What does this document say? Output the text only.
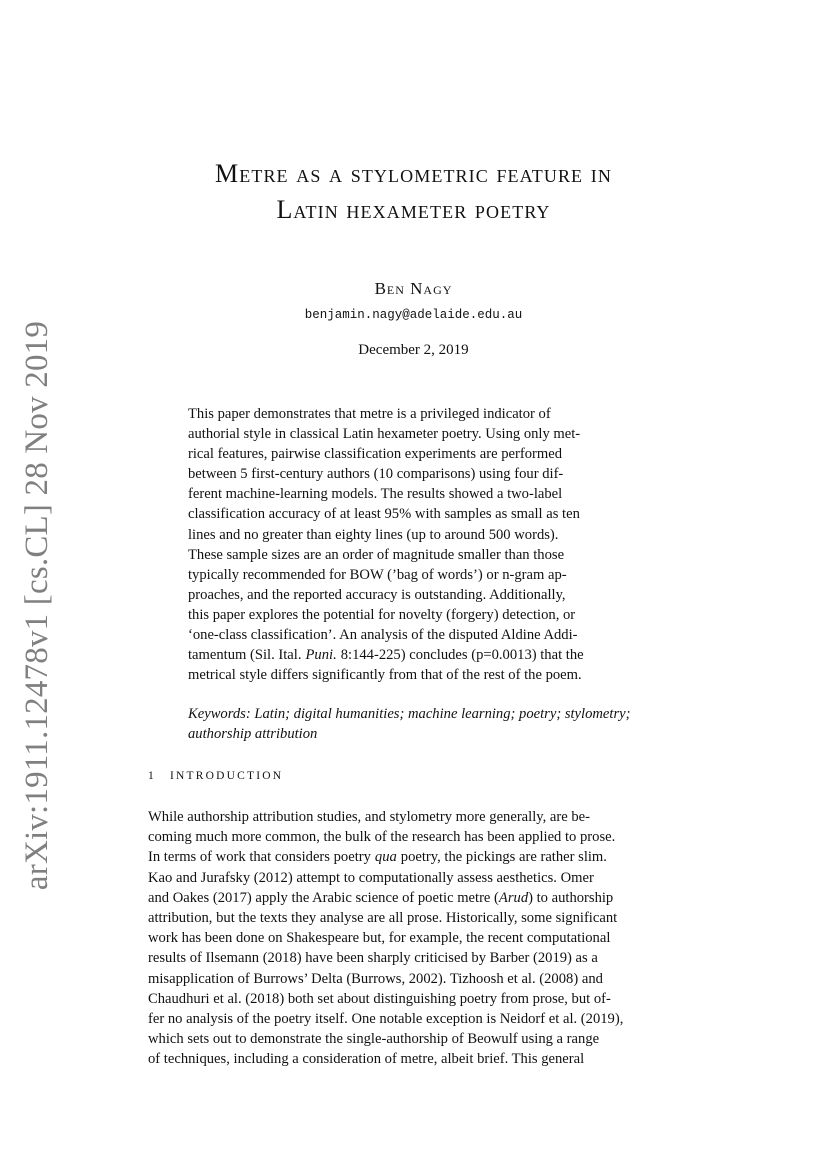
arXiv:1911.12478v1 [cs.CL] 28 Nov 2019
Metre as a stylometric feature in
Latin hexameter poetry
Ben Nagy
benjamin.nagy@adelaide.edu.au
December 2, 2019
This paper demonstrates that metre is a privileged indicator of
authorial style in classical Latin hexameter poetry. Using only met-
rical features, pairwise classification experiments are performed
between 5 first-century authors (10 comparisons) using four dif-
ferent machine-learning models. The results showed a two-label
classification accuracy of at least 95% with samples as small as ten
lines and no greater than eighty lines (up to around 500 words).
These sample sizes are an order of magnitude smaller than those
typically recommended for BOW (’bag of words’) or n-gram ap-
proaches, and the reported accuracy is outstanding. Additionally,
this paper explores the potential for novelty (forgery) detection, or
‘one-class classification’. An analysis of the disputed Aldine Addi-
tamentum (Sil. Ital. Puni. 8:144-225) concludes (p=0.0013) that the
metrical style differs significantly from that of the rest of the poem.
Keywords: Latin; digital humanities; machine learning; poetry; stylometry;
authorship attribution
1 INTRODUCTION
While authorship attribution studies, and stylometry more generally, are be-
coming much more common, the bulk of the research has been applied to prose.
In terms of work that considers poetry qua poetry, the pickings are rather slim.
Kao and Jurafsky (2012) attempt to computationally assess aesthetics. Omer
and Oakes (2017) apply the Arabic science of poetic metre ( Arud ) to authorship
attribution, but the texts they analyse are all prose. Historically, some significant
work has been done on Shakespeare but, for example, the recent computational
results of Ilsemann (2018) have been sharply criticised by Barber (2019) as a
misapplication of Burrows’ Delta (Burrows, 2002). Tizhoosh et al. (2008) and
Chaudhuri et al. (2018) both set about distinguishing poetry from prose, but of-
fer no analysis of the poetry itself. One notable exception is Neidorf et al. (2019),
which sets out to demonstrate the single-authorship of Beowulf using a range
of techniques, including a consideration of metre, albeit brief. This general
